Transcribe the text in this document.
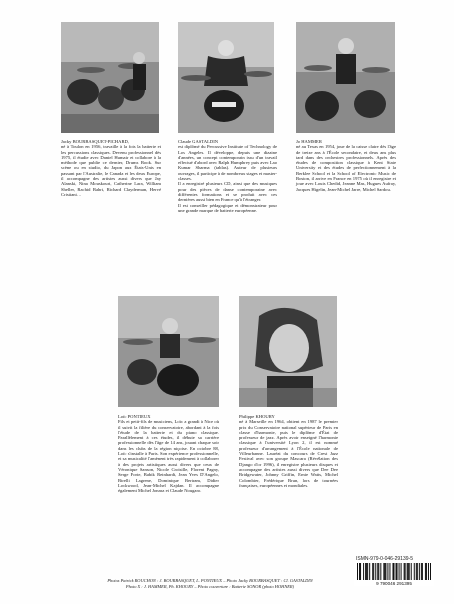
Jacky BOURBASQUET-PICHARD,

né à Toulon en 1956, travaille à la fois la batterie et les percussions classiques. Devenu professionnel dès 1975, il étudie avec Daniel Humair et collabore à la méthode que publie ce dernier, Drums Book. Sur scène ou en studio, du Japon aux États-Unis en passant par l'Australie, le Canada et les deux Europe, il accompagne des artistes aussi divers que Jay Alanski, Nina Mouskouri, Catherine Lara, William Sheller, Rachid Bahri, Richard Clayderman, Hervé Cristiani…

Claude GASTALDIN

est diplômé du Percussive Institute of Technology de Los Angeles. Il développe, depuis une dizaine d'années, un concept contemporain issu d'un travail effectué d'abord avec Ralph Humphrey puis avec Lao Kumar Sharma (tablas). Auteur de plusieurs ouvrages, il participe à de nombreux stages et master-classes.

Il a enregistré plusieurs CD, ainsi que des musiques pour des pièces de danse contemporaine avec différentes formations et se produit avec ces dernières aussi bien en France qu'à l'étranger.

Il est conseiller pédagogique et démonstrateur pour une grande marque de batterie européenne.

Jo HAMMER

né au Texas en 1954, joue de la caisse claire dès l'âge de treize ans à l'École secondaire, et deux ans plus tard dans des orchestres professionnels. Après des études de composition classique à Kent State University et des études de perfectionnement à la Berklee School et la School of Electronic Music de Boston, il arrive en France en 1975 où il enregistre et joue avec Louis Chedid, Jeanne Mas, Hugues Aufray, Jacques Higelin, Jean-Michel Jarre, Michel Sardou.

Loïc PONTIEUX

Fils et petit-fils de musiciens, Loïc a grandi à Nice où il suivit la filière du conservatoire, abordant à la fois l'étude de la batterie et du piano classique. Parallèlement à ces études, il débute sa carrière professionnelle dès l'âge de 14 ans, jouant chaque soir dans les clubs de la région niçoise. En octobre 88, Loïc s'installe à Paris. Son expérience professionnelle, et sa musicalité l'amènent très rapidement à collaborer à des projets artistiques aussi divers que ceux de Véronique Sanson, Nicole Croisille, Florent Pagny, Serge Forte, Babik Reinhardt, Jean Yves D'Angelo, Birelli Lagrene, Dominique Bertram, Didier Lockwood, Jean-Michel Kajdan. Il accompagne également Michel Jonasz et Claude Nougaro.

Philippe KHOURY

né à Marseille en 1964, obtient en 1987 le premier prix du Conservatoire national supérieur de Paris en classe d'harmonie, puis le diplôme d'État de professeur de jazz. Après avoir enseigné l'harmonie classique à l'université Lyon 2, il est nommé professeur d'arrangement à l'École nationale de Villeurbanne. Lauréat du concours de Crest Jazz Festival avec son groupe Mascara (Révélation des Django d'or 1996), il enregistre plusieurs disques et accompagne des artistes aussi divers que Dee Dee Bridgewater, Johnny Griffin, Ernie Watts, Michel Colombier, Frédérique Brun, lors de tournées françaises, européennes et mondiales.

ISMN-979-0-046-29139-5
9 790046 291395

Photos Patrick ROUCHON : J. BOURBASQUET, L. PONTIEUX – Photo Jacky BOURBASQUET : Cl. GASTALDIN

Photo X : J. HAMMER, Ph. KHOURY – Photo couverture : Batterie SONOR (photo HOHNER)
